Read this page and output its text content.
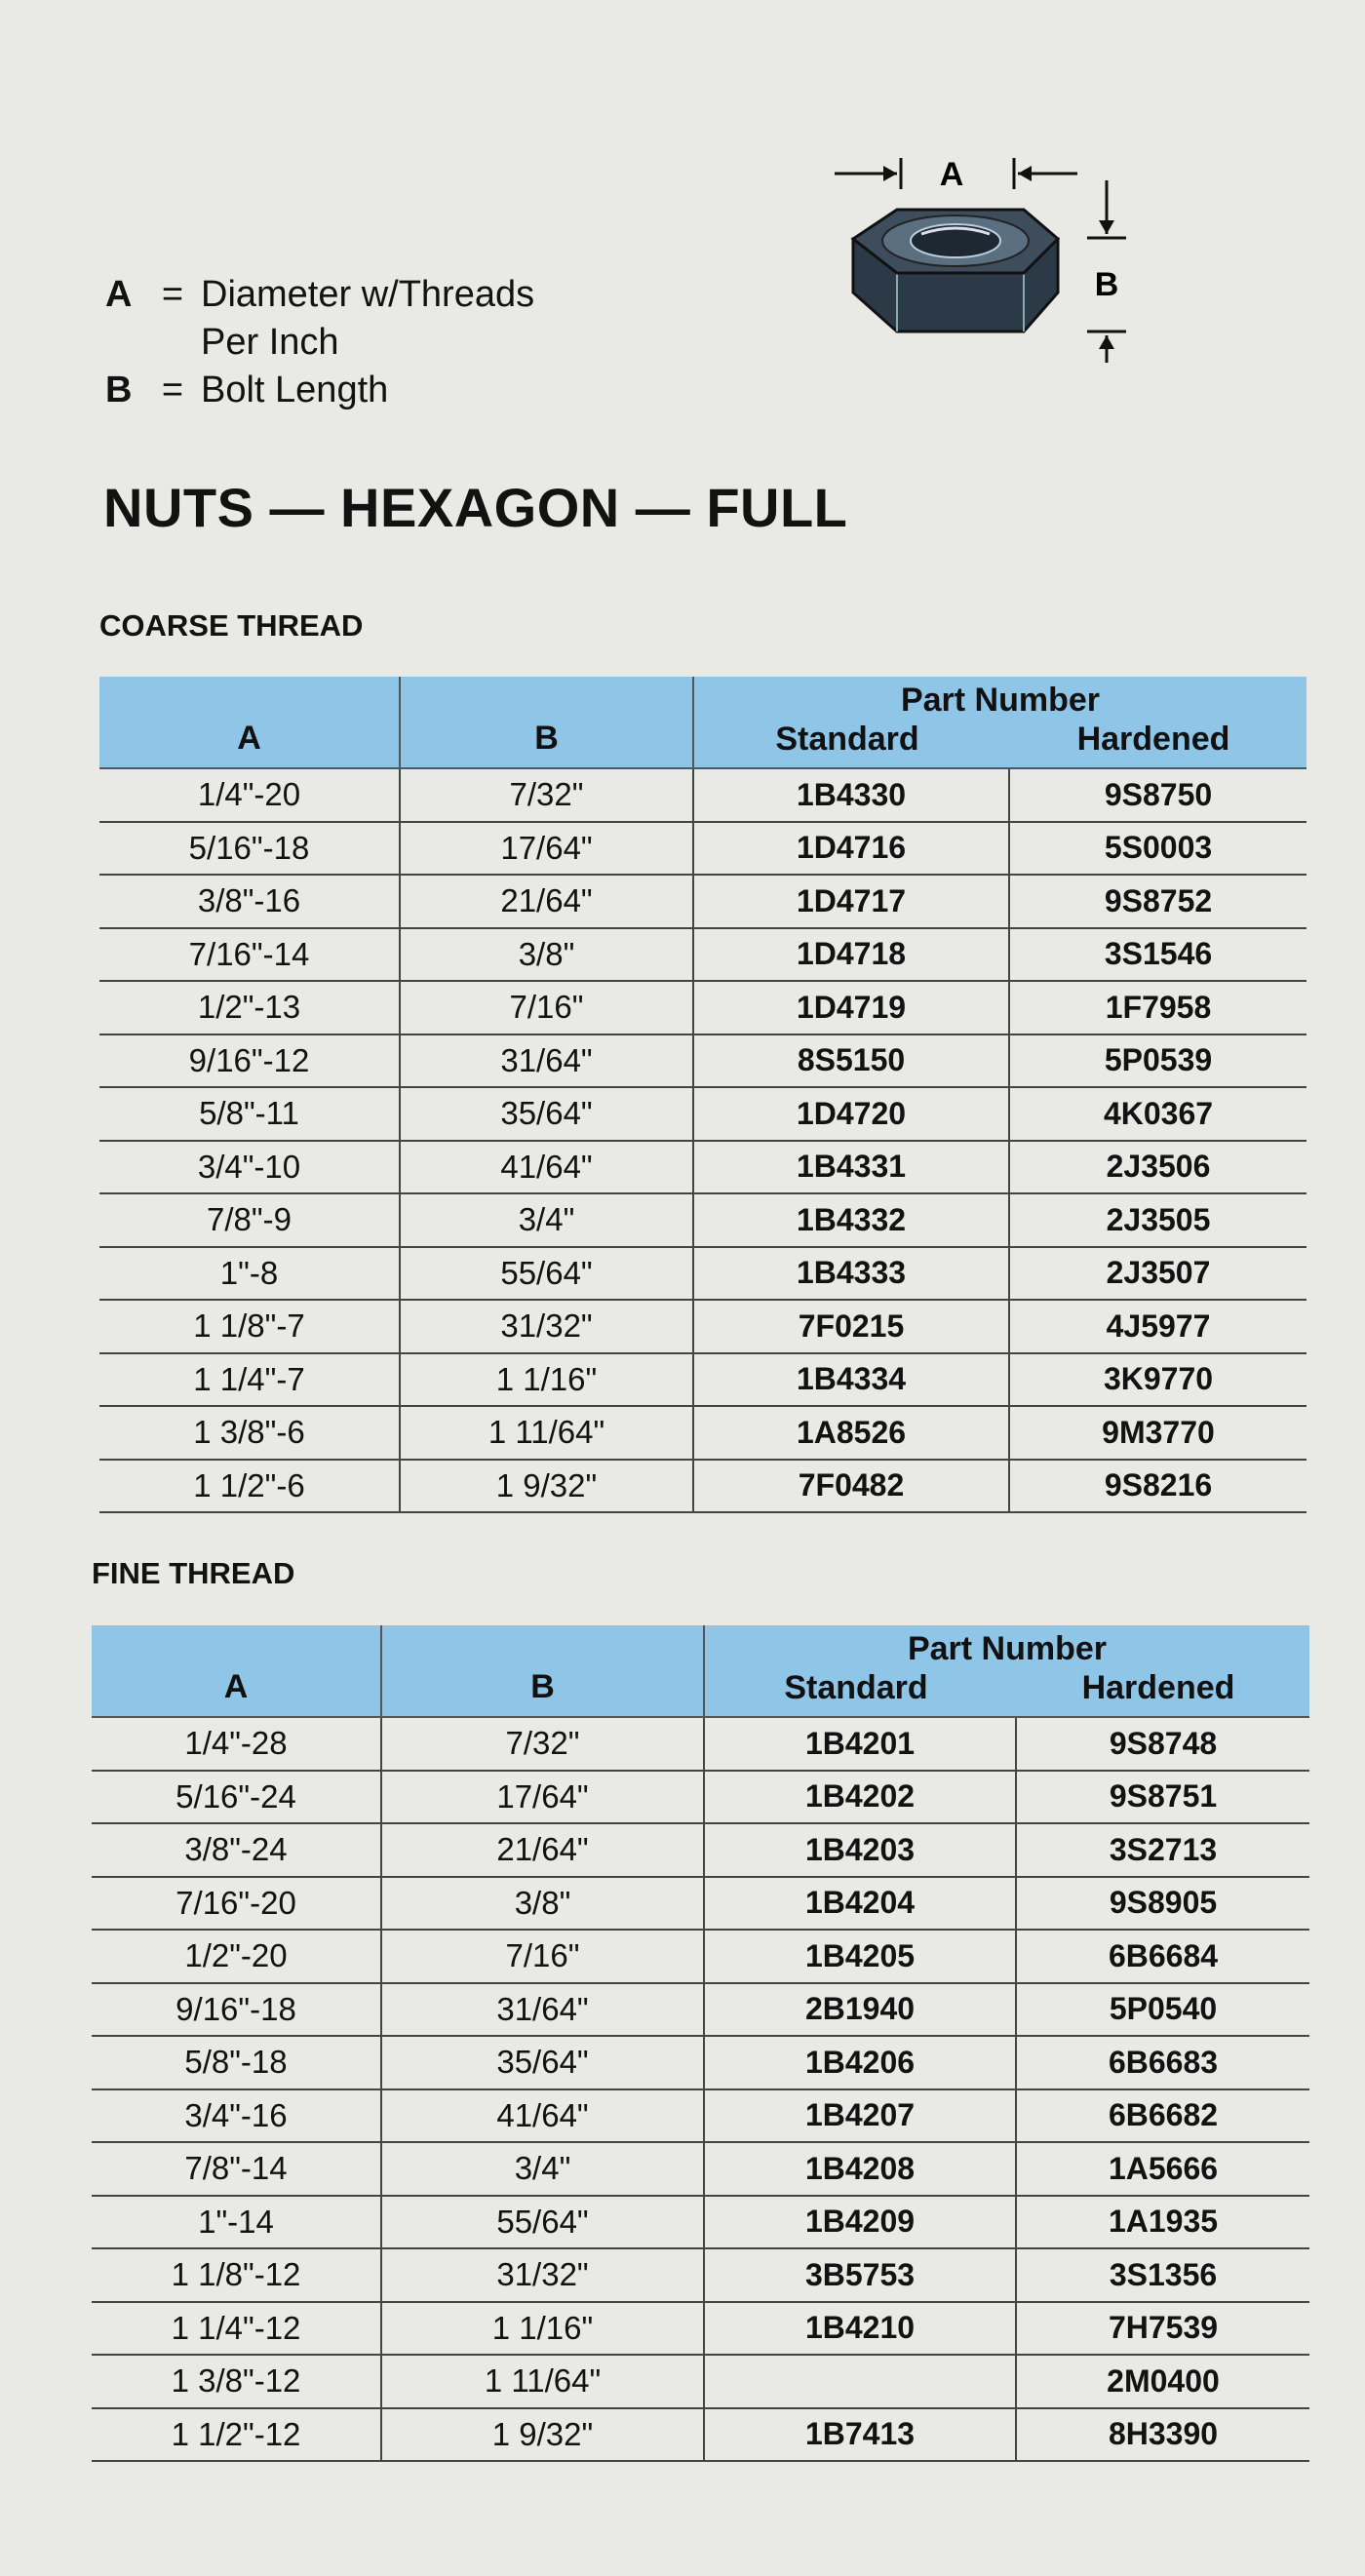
A = Diameter w/Threads
Per Inch
B = Bolt Length
A
B
NUTS — HEXAGON — FULL
COARSE THREAD
A	B	Part Number
Standard Hardened	

1/4"-20	7/32"	1B4330	9S8750
5/16"-18	17/64"	1D4716	5S0003
3/8"-16	21/64"	1D4717	9S8752
7/16"-14	3/8"	1D4718	3S1546
1/2"-13	7/16"	1D4719	1F7958
9/16"-12	31/64"	8S5150	5P0539
5/8"-11	35/64"	1D4720	4K0367
3/4"-10	41/64"	1B4331	2J3506
7/8"-9	3/4"	1B4332	2J3505
1"-8	55/64"	1B4333	2J3507
1 1/8"-7	31/32"	7F0215	4J5977
1 1/4"-7	1 1/16"	1B4334	3K9770
1 3/8"-6	1 11/64"	1A8526	9M3770
1 1/2"-6	1 9/32"	7F0482	9S8216
FINE THREAD
A	B	Part Number
Standard Hardened	

1/4"-28	7/32"	1B4201	9S8748
5/16"-24	17/64"	1B4202	9S8751
3/8"-24	21/64"	1B4203	3S2713
7/16"-20	3/8"	1B4204	9S8905
1/2"-20	7/16"	1B4205	6B6684
9/16"-18	31/64"	2B1940	5P0540
5/8"-18	35/64"	1B4206	6B6683
3/4"-16	41/64"	1B4207	6B6682
7/8"-14	3/4"	1B4208	1A5666
1"-14	55/64"	1B4209	1A1935
1 1/8"-12	31/32"	3B5753	3S1356
1 1/4"-12	1 1/16"	1B4210	7H7539
1 3/8"-12	1 11/64"		2M0400
1 1/2"-12	1 9/32"	1B7413	8H3390
